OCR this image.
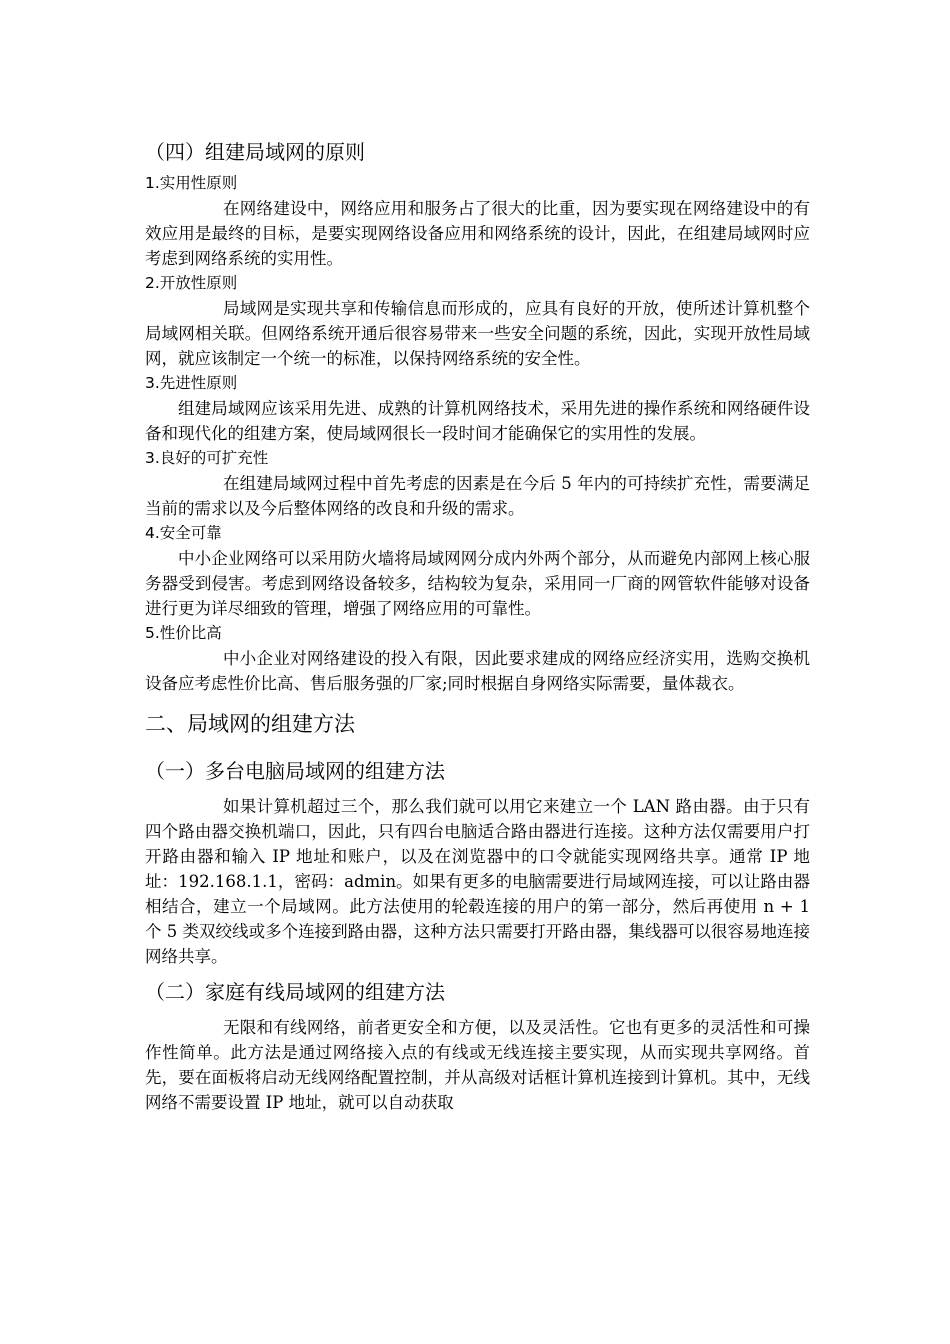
（四）组建局域网的原则
1.实用性原则

在网络建设中，网络应用和服务占了很大的比重，因为要实现在网络建设中的有效应用是最终的目标，是要实现网络设备应用和网络系统的设计，因此，在组建局域网时应考虑到网络系统的实用性。

2.开放性原则

局域网是实现共享和传输信息而形成的，应具有良好的开放，使所述计算机整个局域网相关联。但网络系统开通后很容易带来一些安全问题的系统，因此，实现开放性局域网，就应该制定一个统一的标准，以保持网络系统的安全性。

3.先进性原则

组建局域网应该采用先进、成熟的计算机网络技术，采用先进的操作系统和网络硬件设备和现代化的组建方案，使局域网很长一段时间才能确保它的实用性的发展。

3.良好的可扩充性

在组建局域网过程中首先考虑的因素是在今后 5 年内的可持续扩充性，需要满足当前的需求以及今后整体网络的改良和升级的需求。

4.安全可靠

中小企业网络可以采用防火墙将局域网网分成内外两个部分，从而避免内部网上核心服务器受到侵害。考虑到网络设备较多，结构较为复杂，采用同一厂商的网管软件能够对设备进行更为详尽细致的管理，增强了网络应用的可靠性。

5.性价比高

中小企业对网络建设的投入有限，因此要求建成的网络应经济实用，选购交换机设备应考虑性价比高、售后服务强的厂家;同时根据自身网络实际需要，量体裁衣。

二、局域网的组建方法
（一）多台电脑局域网的组建方法

如果计算机超过三个，那么我们就可以用它来建立一个 LAN 路由器。由于只有四个路由器交换机端口，因此，只有四台电脑适合路由器进行连接。这种方法仅需要用户打开路由器和输入 IP 地址和账户，以及在浏览器中的口令就能实现网络共享。通常 IP 地址：192.168.1.1，密码：admin。如果有更多的电脑需要进行局域网连接，可以让路由器相结合，建立一个局域网。此方法使用的轮毂连接的用户的第一部分，然后再使用 n + 1 个 5 类双绞线或多个连接到路由器，这种方法只需要打开路由器，集线器可以很容易地连接网络共享。

（二）家庭有线局域网的组建方法

无限和有线网络，前者更安全和方便，以及灵活性。它也有更多的灵活性和可操作性简单。此方法是通过网络接入点的有线或无线连接主要实现，从而实现共享网络。首先，要在面板将启动无线网络配置控制，并从高级对话框计算机连接到计算机。其中，无线网络不需要设置 IP 地址，就可以自动获取
